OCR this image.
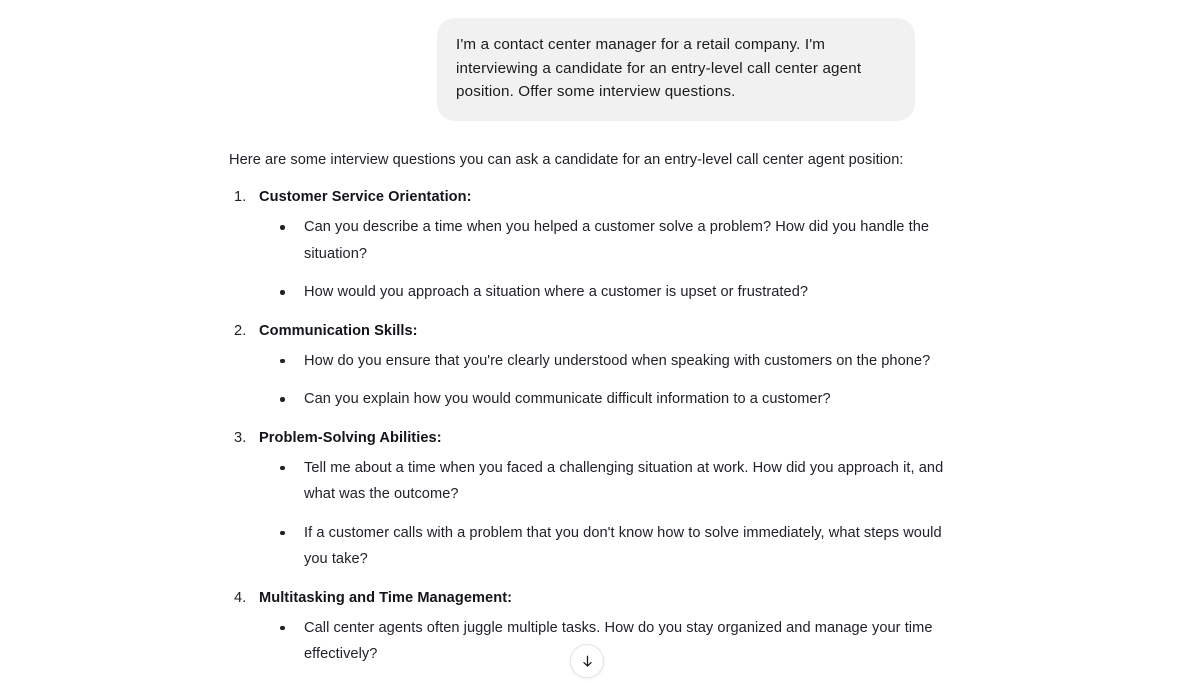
I'm a contact center manager for a retail company. I'm interviewing a candidate for an entry-level call center agent position. Offer some interview questions.

Here are some interview questions you can ask a candidate for an entry-level call center agent position:

Customer Service Orientation:
Can you describe a time when you helped a customer solve a problem? How did you handle the situation?
How would you approach a situation where a customer is upset or frustrated?
Communication Skills:
How do you ensure that you're clearly understood when speaking with customers on the phone?
Can you explain how you would communicate difficult information to a customer?
Problem-Solving Abilities:
Tell me about a time when you faced a challenging situation at work. How did you approach it, and what was the outcome?
If a customer calls with a problem that you don't know how to solve immediately, what steps would you take?
Multitasking and Time Management:
Call center agents often juggle multiple tasks. How do you stay organized and manage your time effectively?
